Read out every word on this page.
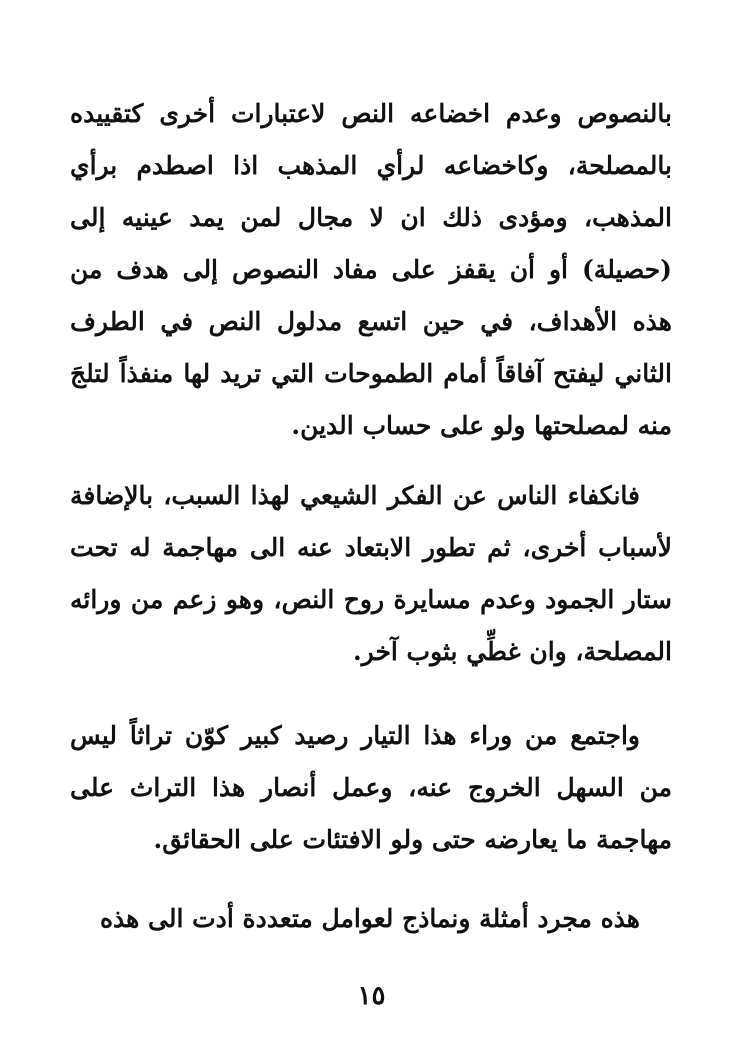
بالنصوص وعدم اخضاعه النص لاعتبارات أخرى كتقييده بالمصلحة، وكاخضاعه لرأي المذهب اذا اصطدم برأي المذهب، ومؤدى ذلك ان لا مجال لمن يمد عينيه إلى (حصيلة) أو أن يقفز على مفاد النصوص إلى هدف من هذه الأهداف، في حين اتسع مدلول النص في الطرف الثاني ليفتح آفاقاً أمام الطموحات التي تريد لها منفذاً لتلجَ منه لمصلحتها ولو على حساب الدين.

فانكفاء الناس عن الفكر الشيعي لهذا السبب، بالإضافة لأسباب أخرى، ثم تطور الابتعاد عنه الى مهاجمة له تحت ستار الجمود وعدم مسايرة روح النص، وهو زعم من ورائه المصلحة، وان غطِّي بثوب آخر.

واجتمع من وراء هذا التيار رصيد كبير كوّن تراثاً ليس من السهل الخروج عنه، وعمل أنصار هذا التراث على مهاجمة ما يعارضه حتى ولو الافتئات على الحقائق.

هذه مجرد أمثلة ونماذج لعوامل متعددة أدت الى هذه

١٥
